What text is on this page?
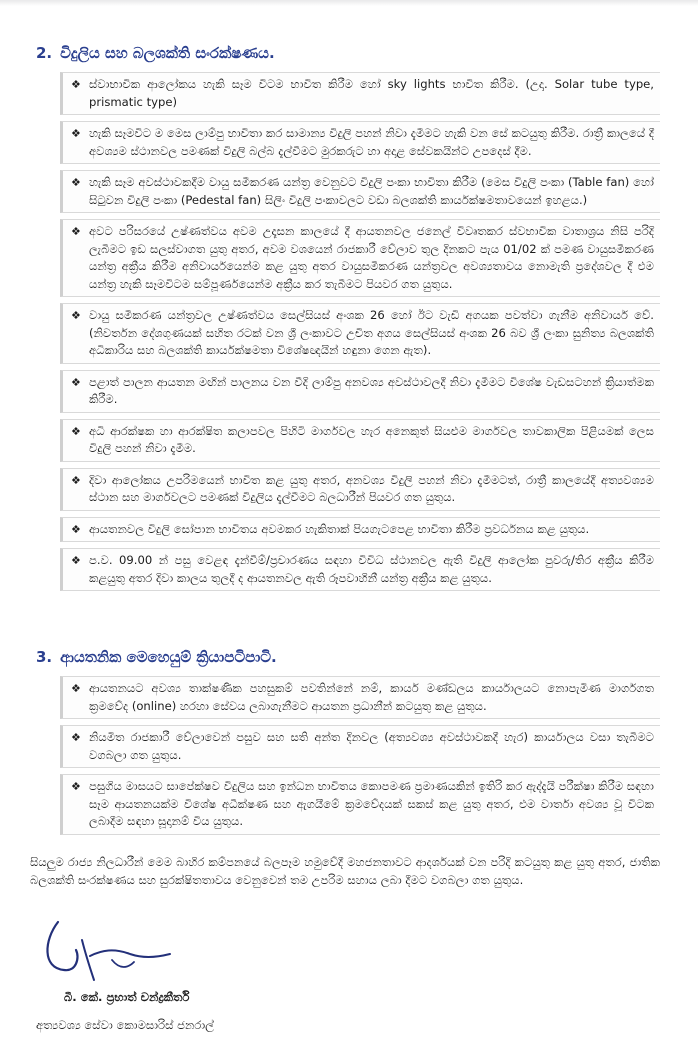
2. විදුලිය සහ බලශක්ති සංරක්ෂණය.
❖ ස්වාභාවික ආලෝකය හැකි සෑම විටම භාවිත කිරීම හෝ sky lights භාවිත කිරීම. (උදා. Solar tube type, prismatic type)
❖ හැකි සෑමවිට ම මෙස ලාම්පු භාවිතා කර සාමාන්‍ය විදුලි පහන් නිවා දැමීමට හැකි වන සේ කටයුතු කිරීම. රාත්‍රී කාලයේ දී අවශ්‍යම ස්ථානවල පමණක් විදුලි බල්බ දැල්වීමට මුරකරුට හා අදාළ සේවකයින්ට උපදෙස් දීම.
❖ හැකි සෑම අවස්ථාවකදීම වායු සමීකරණ යන්ත්‍ර වෙනුවට විදුලි පංකා භාවිතා කිරීම (මෙස විදුලි පංකා (Table fan) හෝ සිටුවන විදුලි පංකා (Pedestal fan) සිලිං විදුලි පංකාවලට වඩා බලශක්ති කාර්යක්ෂමතාවයෙන් ඉහළය.)
❖ අවට පරිසරයේ උෂ්ණත්වය අවම උදෑසන කාලයේ දී ආයතනවල ජනෙල් විවෘතකර ස්වභාවික වාතාශ්‍රය නිසි පරිදි ලැබීමට ඉඩ සලස්වාගත යුතු අතර, අවම වශයෙන් රාජකාරී වේලාව තුල දිනකට පැය 01/02 ක් පමණ වායුසමීකරණ යන්ත්‍ර අක්‍රීය කිරීම අනිවාර්යයෙන්ම කළ යුතු අතර වායුසමීකරණ යන්ත්‍රවල අවශ්‍යතාවය නොමැති ප්‍රදේශවල දී එම යන්ත්‍ර හැකි සෑමවිටම සම්පූර්ණයෙන්ම අක්‍රීය කර තැබීමට පියවර ගත යුතුය.
❖ වායු සමීකරණ යන්ත්‍රවල උෂ්ණත්වය සෙල්සියස් අංශක 26 හෝ ඊට වැඩි අගයක පවත්වා ගැනීම අනිවාර්ය වේ. (නිවර්තන දේශගුණයක් සහිත රටක් වන ශ්‍රී ලංකාවට උචිත අගය සෙල්සියස් අංශක 26 බව ශ්‍රී ලංකා සුනිත්‍ය බලශක්ති අධිකාරිය සහ බලශක්ති කාර්යක්ෂමතා විශේෂඥයින් හඳුනා ගෙන ඇත).
❖ පළාත් පාලන ආයතන මඟින් පාලනය වන වීදි ලාම්පු අනවශ්‍ය අවස්ථාවලදී නිවා දැමීමට විශේෂ වැඩසටහන් ක්‍රියාත්මක කිරීම.
❖ අධි ආරක්ෂක හා ආරක්ෂිත කලාපවල පිහිටි මාර්ගවල හැර අනෙකුත් සියළුම මාර්ගවල තාවකාලික පිළියමක් ලෙස විදුලි පහන් නිවා දැමීම.
❖ දිවා ආලෝකය උපරිමයෙන් භාවිත කළ යුතු අතර, අනවශ්‍ය විදුලි පහන් නිවා දැමීමටත්, රාත්‍රී කාලයේදී අත්‍යවශ්‍යම ස්ථාන සහ මාර්ගවලට පමණක් විදුලිය දැල්වීමට බලධාරීන් පියවර ගත යුතුය.
❖ ආයතනවල විදුලි සෝපාන භාවිතය අවමකර හැකිතාක් පියගැටපෙළ භාවිතා කිරීම ප්‍රවර්ධනය කළ යුතුය.
❖ ප.ව. 09.00 න් පසු වෙළඳ දැන්වීම්/ප්‍රචාරණය සඳහා විවිධ ස්ථානවල ඇති විදුලි ආලෝක පුවරු/තිර අක්‍රීය කිරීම කළයුතු අතර දිවා කාලය තුලදී ද ආයතනවල ඇති රූපවාහිනී යන්ත්‍ර අක්‍රීය කළ යුතුය.
3. ආයතනික මෙහෙයුම් ක්‍රියාපටිපාටි.
❖ ආයතනයට අවශ්‍ය තාක්ෂණික පහසුකම් පවතින්නේ නම්, කාර්ය මණ්ඩලය කාර්යාලයට නොපැමිණ මාර්ගගත ක්‍රමවේද (online) හරහා සේවය ලබාගැනීමට ආයතන ප්‍රධානීන් කටයුතු කළ යුතුය.
❖ නියමිත රාජකාරී වේලාවෙන් පසුව සහ සති අන්ත දිනවල (අත්‍යවශ්‍ය අවස්ථාවකදී හැර) කාර්යාලය වසා තැබීමට වගබලා ගත යුතුය.
❖ පසුගිය මාසයට සාපේක්ෂව විදුලිය සහ ඉන්ධන භාවිතය කොපමණ ප්‍රමාණයකින් ඉතිරි කර ඇද්දැයි පරීක්ෂා කිරීම සඳහා සෑම ආයතනයක්ම විශේෂ අධීක්ෂණ සහ ඇගයීමේ ක්‍රමවේදයක් සකස් කළ යුතු අතර, එම වාර්තා අවශ්‍ය වූ විටක ලබාදීම සඳහා සූදානම් විය යුතුය.
සියලුම රාජ්‍ය නිලධාරීන් මෙම බාහිර කම්පනයේ බලපෑම හමුවේදී මහජනතාවට ආදර්ශයක් වන පරිදි කටයුතු කළ යුතු අතර, ජාතික බලශක්ති සංරක්ෂණය සහ සුරක්ෂිතතාවය වෙනුවෙන් තම උපරිම සහාය ලබා දීමට වගබලා ගත යුතුය.
බී. කේ. ප්‍රභාත් චන්ද්‍රකීර්ති
අත්‍යවශ්‍ය සේවා කොමසාරිස් ජනරාල්
